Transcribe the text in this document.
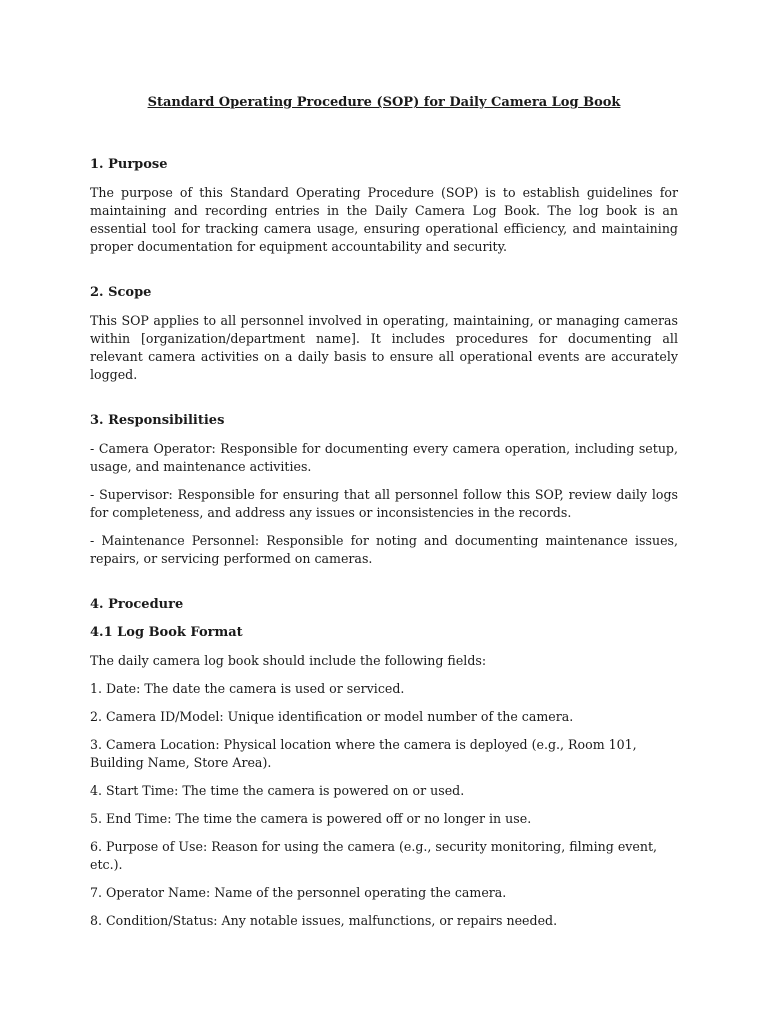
Standard Operating Procedure (SOP) for Daily Camera Log Book
1. Purpose

The purpose of this Standard Operating Procedure (SOP) is to establish guidelines for maintaining and recording entries in the Daily Camera Log Book. The log book is an essential tool for tracking camera usage, ensuring operational efficiency, and maintaining proper documentation for equipment accountability and security.

2. Scope

This SOP applies to all personnel involved in operating, maintaining, or managing cameras within [organization/department name]. It includes procedures for documenting all relevant camera activities on a daily basis to ensure all operational events are accurately logged.

3. Responsibilities

- Camera Operator: Responsible for documenting every camera operation, including setup, usage, and maintenance activities.

- Supervisor: Responsible for ensuring that all personnel follow this SOP, review daily logs for completeness, and address any issues or inconsistencies in the records.

- Maintenance Personnel: Responsible for noting and documenting maintenance issues, repairs, or servicing performed on cameras.

4. Procedure
4.1 Log Book Format

The daily camera log book should include the following fields:

1. Date: The date the camera is used or serviced.

2. Camera ID/Model: Unique identification or model number of the camera.

3. Camera Location: Physical location where the camera is deployed (e.g., Room 101, Building Name, Store Area).

4. Start Time: The time the camera is powered on or used.

5. End Time: The time the camera is powered off or no longer in use.

6. Purpose of Use: Reason for using the camera (e.g., security monitoring, filming event, etc.).

7. Operator Name: Name of the personnel operating the camera.

8. Condition/Status: Any notable issues, malfunctions, or repairs needed.
